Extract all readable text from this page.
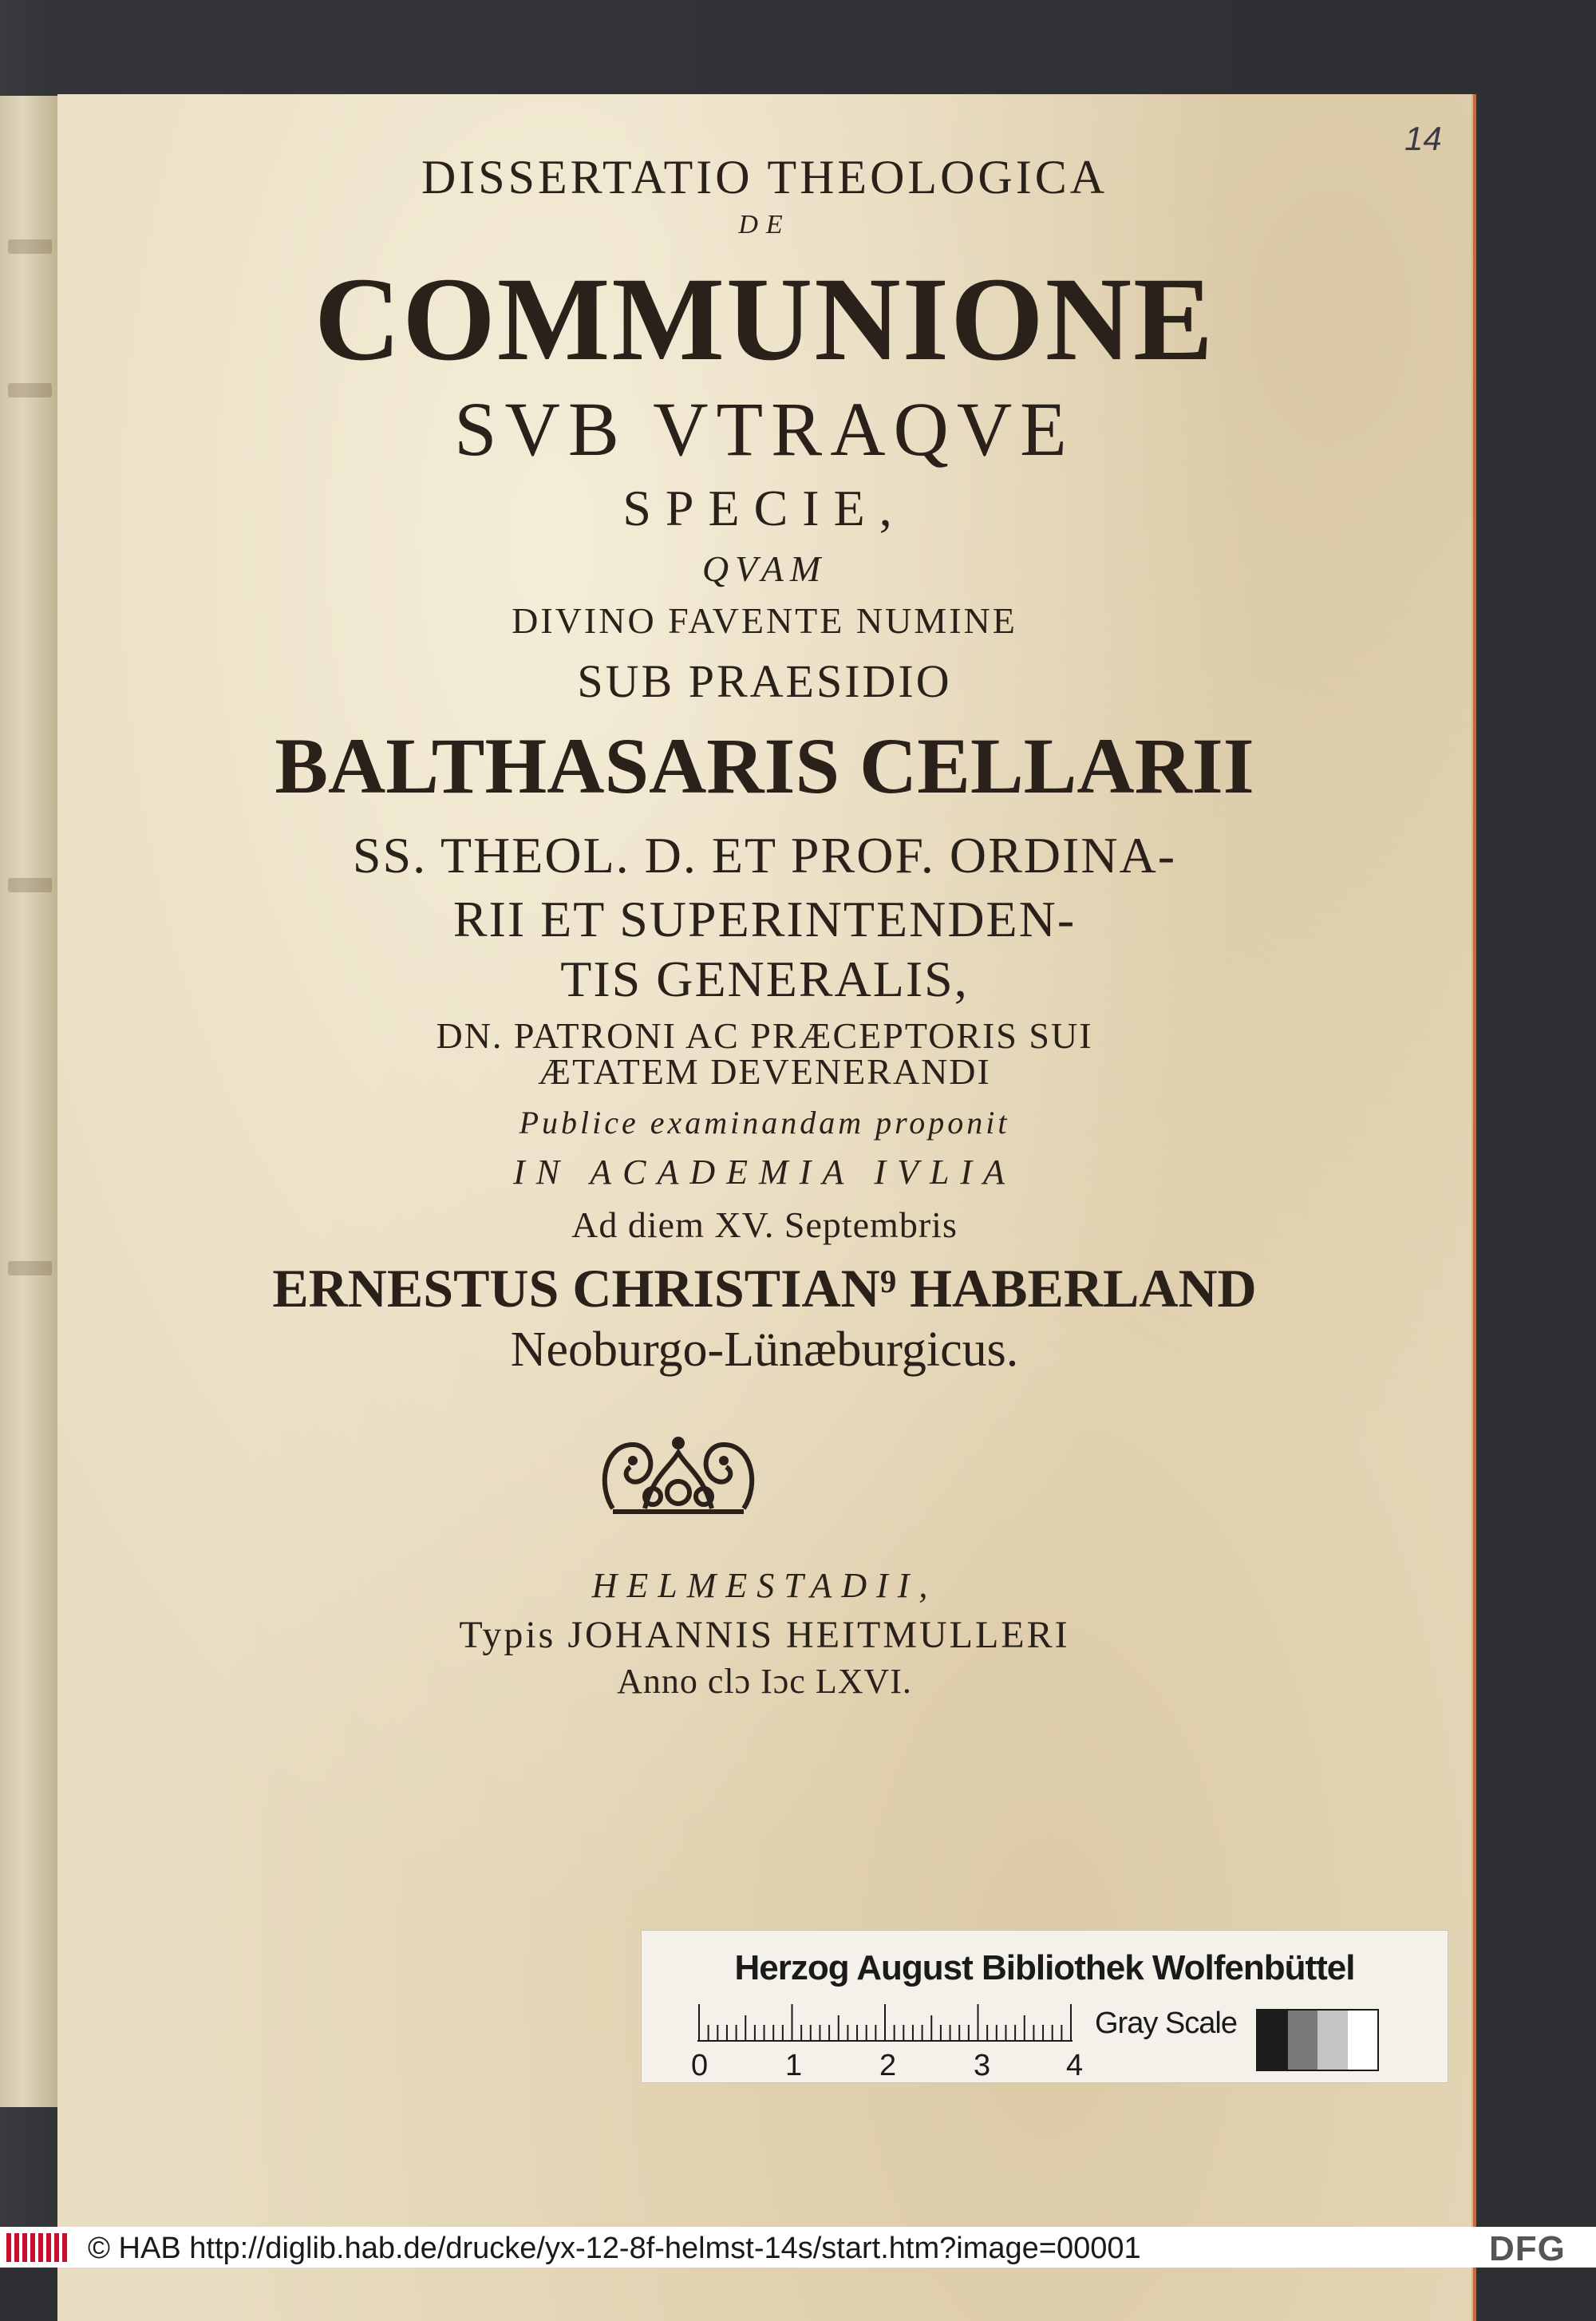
14
DISSERTATIO THEOLOGICA
DE
COMMUNIONE
SVB VTRAQVE
SPECIE,
QVAM
DIVINO FAVENTE NUMINE
SUB PRAESIDIO
BALTHASARIS CELLARII
SS. THEOL. D. ET PROF. ORDINA-
RII ET SUPERINTENDEN-
TIS GENERALIS,
DN. PATRONI AC PRÆCEPTORIS SUI
ÆTATEM DEVENERANDI
Publice examinandam proponit
IN ACADEMIA IVLIA
Ad diem XV. Septembris
ERNESTUS CHRISTIAN⁹ HABERLAND
Neoburgo-Lünæburgicus.
HELMESTADII,
Typis JOHANNIS HEITMULLERI
Anno clɔ Iɔc LXVI.
Herzog August Bibliothek Wolfenbüttel
0	1	2	3 4
Gray Scale
© HAB http://diglib.hab.de/drucke/yx-12-8f-helmst-14s/start.htm?image=00001	DFG
